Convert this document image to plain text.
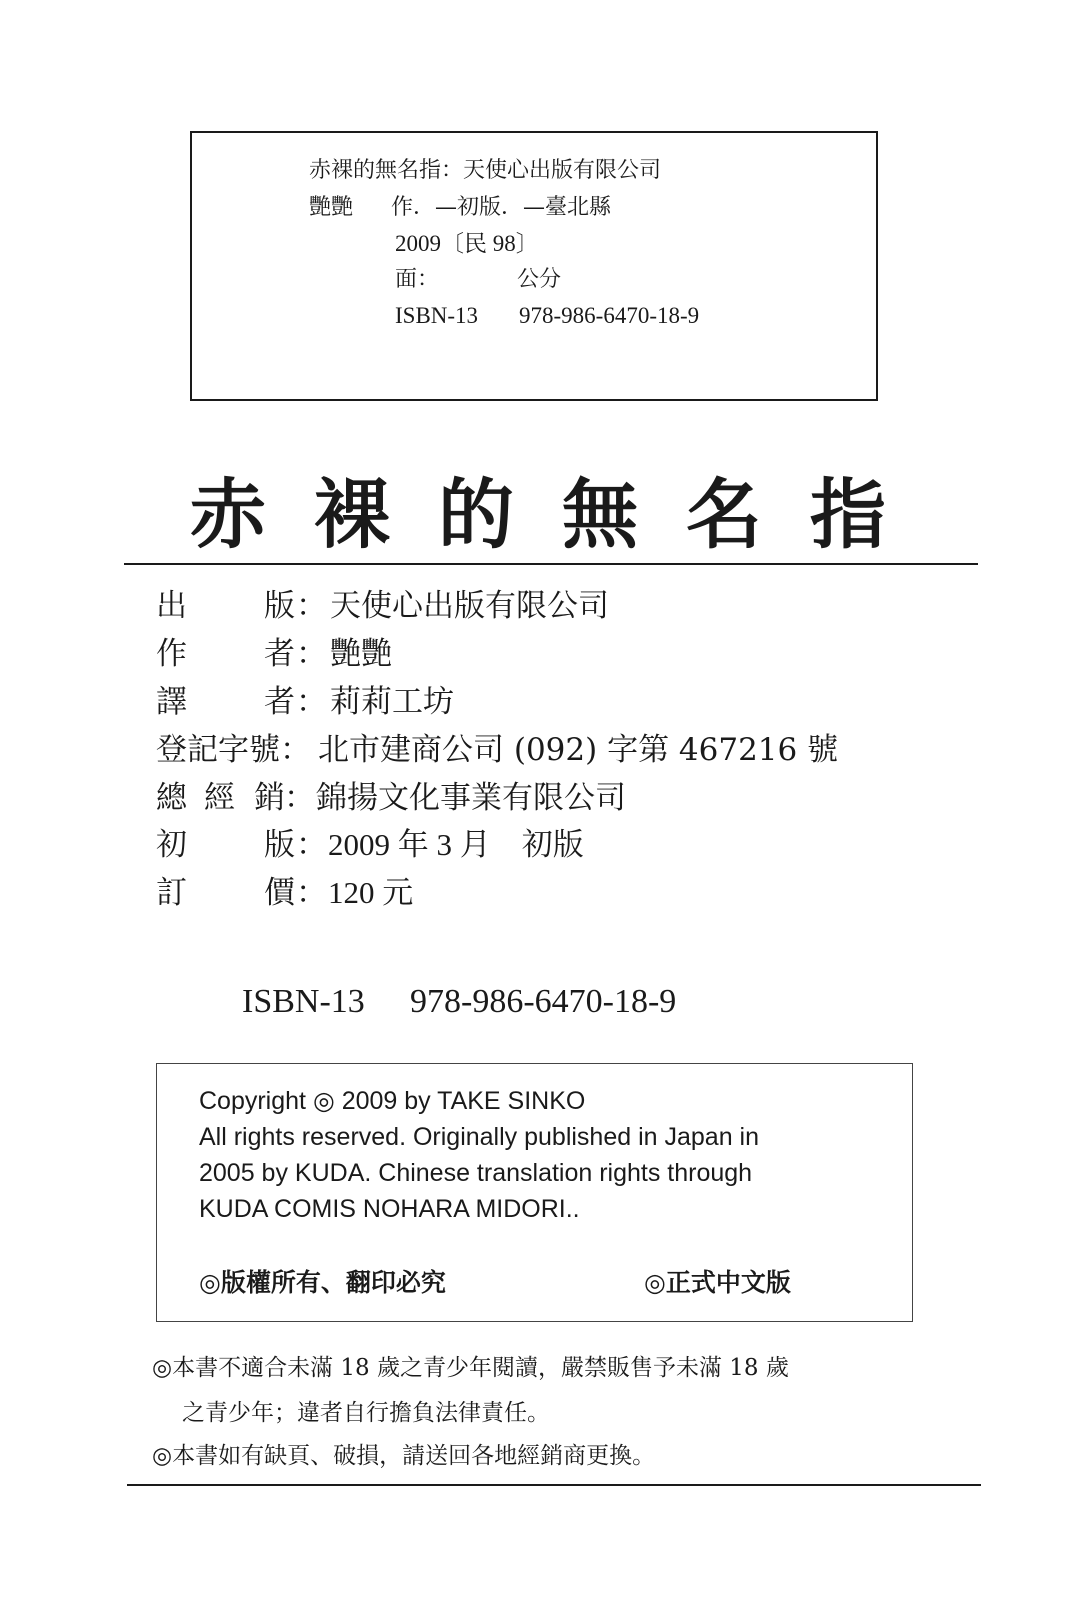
赤裸的無名指：天使心出版有限公司
艷艷 作．—初版．—臺北縣
2009〔民 98〕
面：	公分
ISBN-13 978-986-6470-18-9
赤裸的無名指
出 版 ： 天使心出版有限公司
作 者 ： 艷艷
譯 者 ： 莉莉工坊
登記字號 ： 北市建商公司 (092) 字第 467216 號
總 經 銷 ： 錦揚文化事業有限公司
初 版 ： 2009 年 3 月　初版
訂 價 ： 120 元
ISBN-13 978-986-6470-18-9
Copyright ◎ 2009 by TAKE SINKO
All rights reserved. Originally published in Japan in
2005 by KUDA. Chinese translation rights through
KUDA COMIS NOHARA MIDORI..
◎版權所有、翻印必究	◎正式中文版
◎本書不適合未滿 18 歲之青少年閱讀，嚴禁販售予未滿 18 歲
之青少年；違者自行擔負法律責任。
◎本書如有缺頁、破損，請送回各地經銷商更換。
